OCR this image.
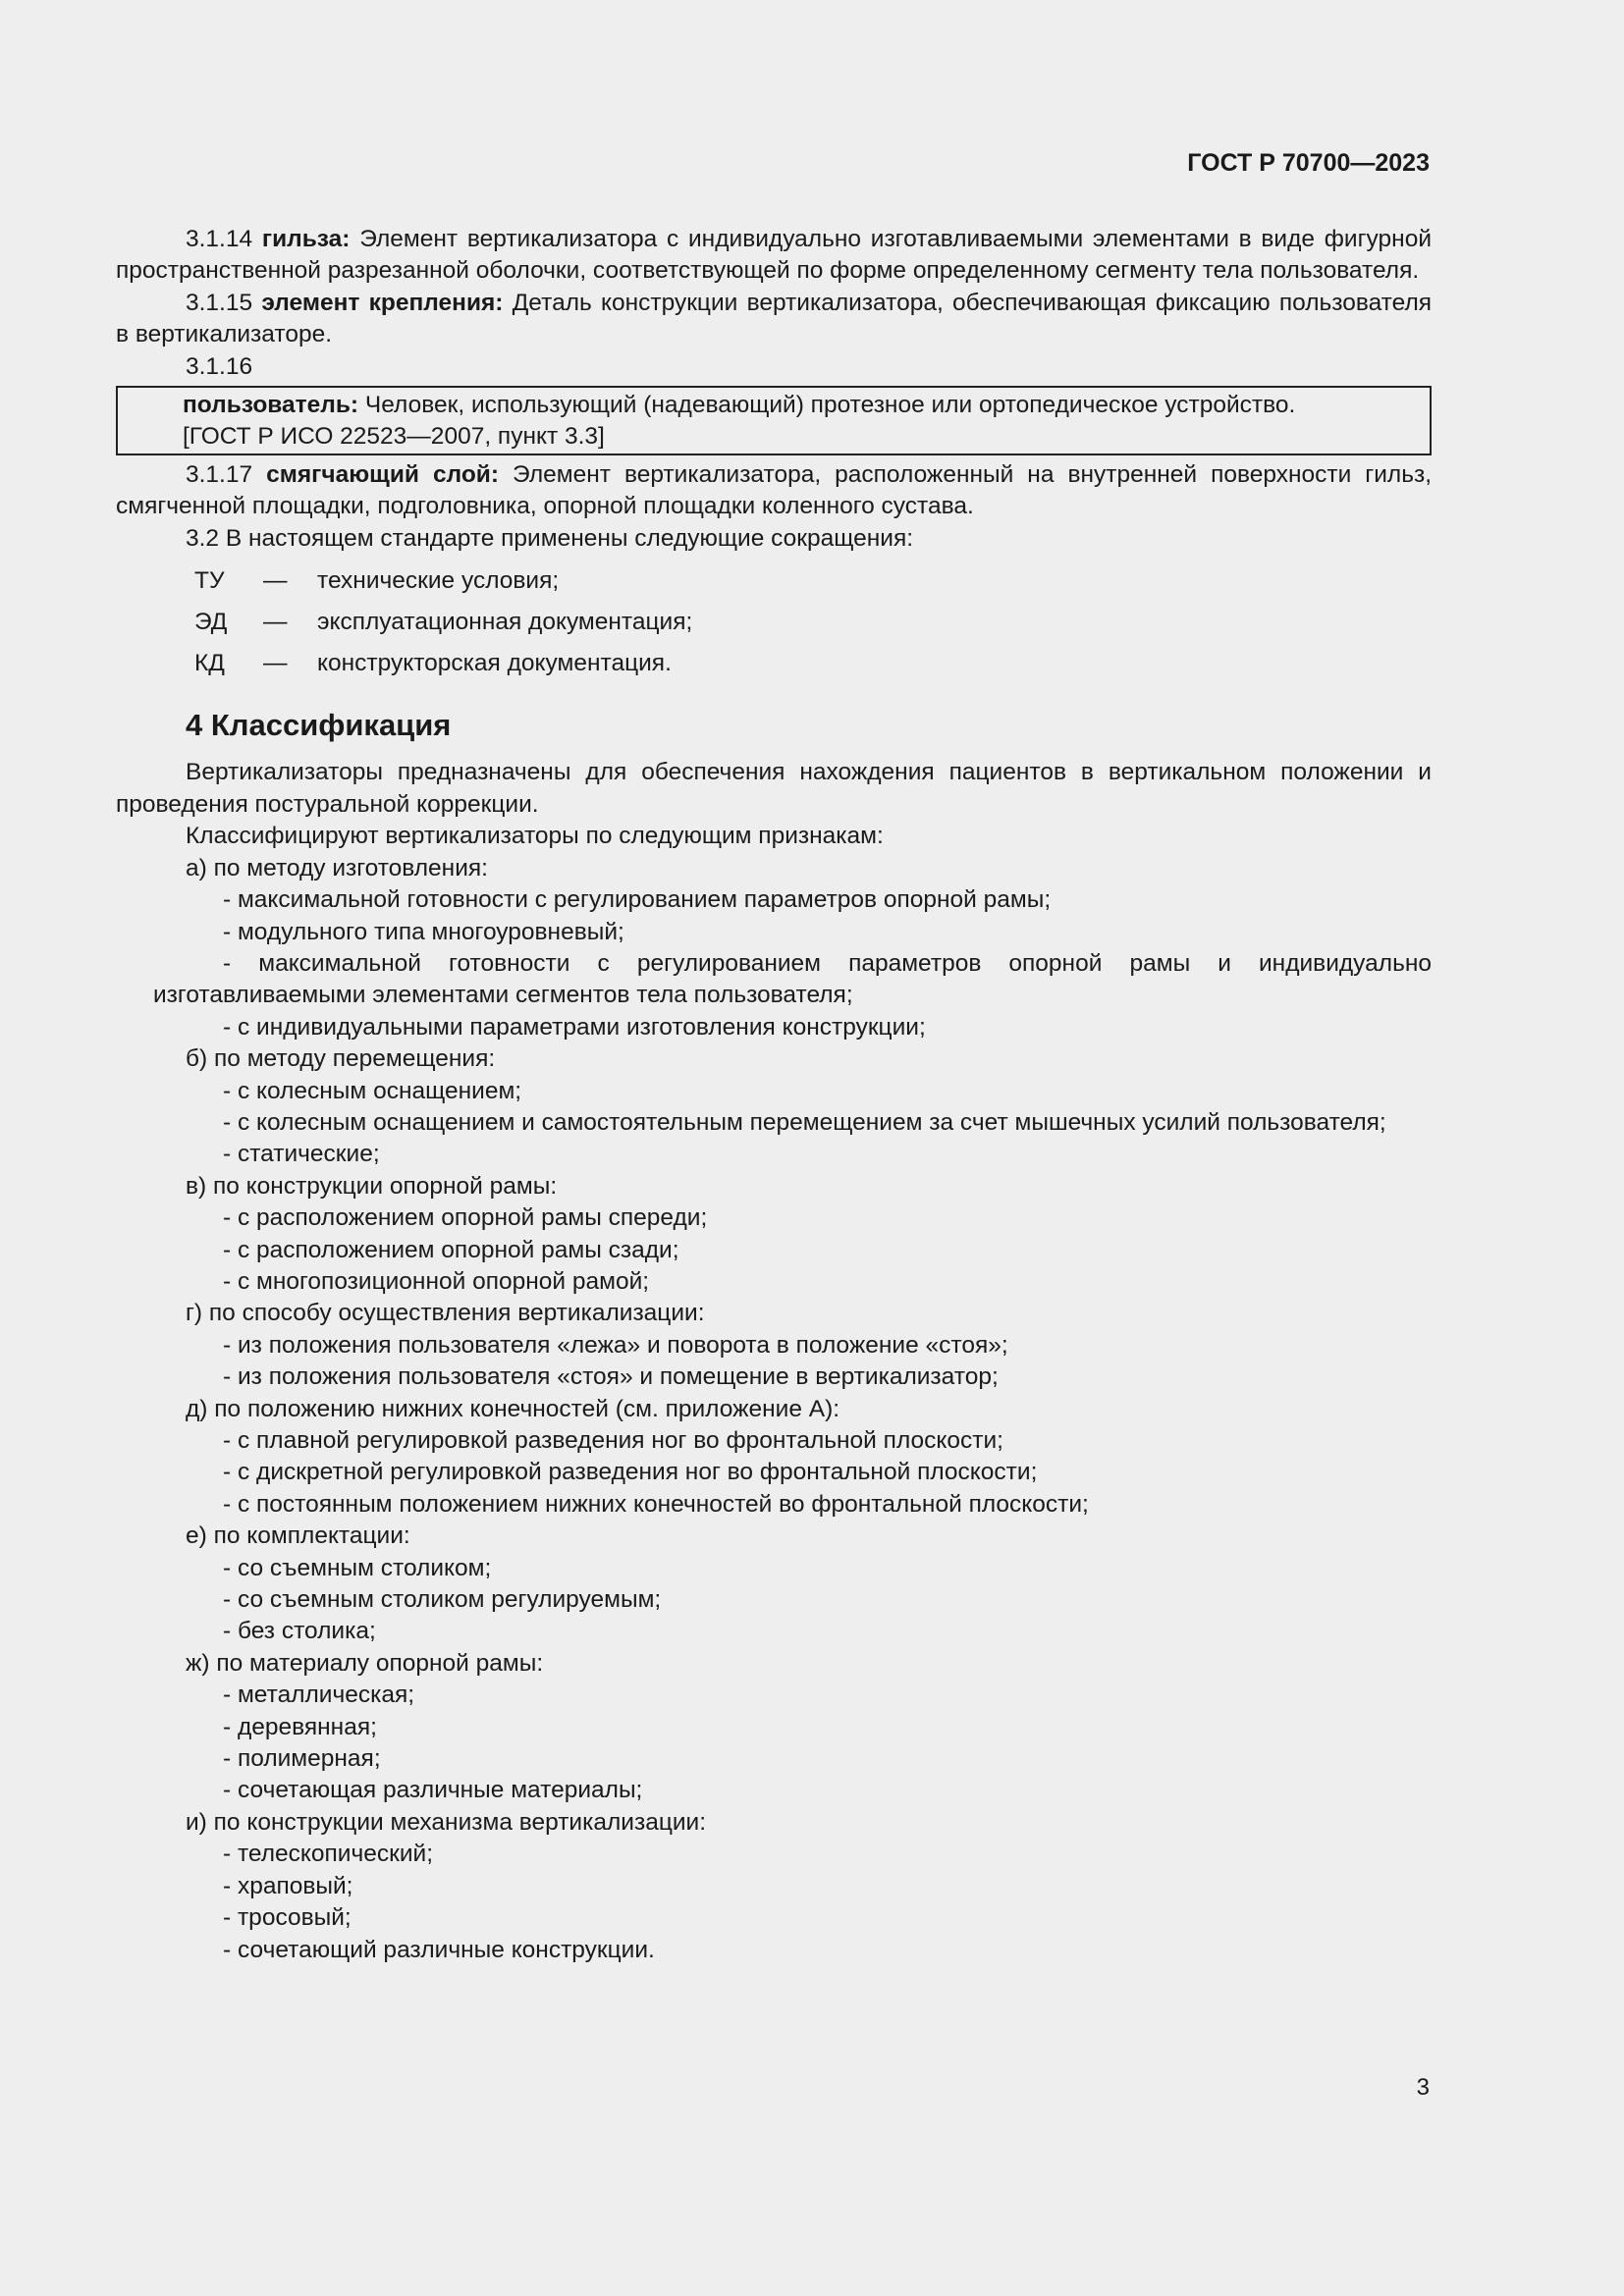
ГОСТ Р 70700—2023

3.1.14 гильза: Элемент вертикализатора с индивидуально изготавливаемыми элементами в виде фигурной пространственной разрезанной оболочки, соответствующей по форме определенному сегменту тела пользователя.

3.1.15 элемент крепления: Деталь конструкции вертикализатора, обеспечивающая фиксацию пользователя в вертикализаторе.

3.1.16

пользователь: Человек, использующий (надевающий) протезное или ортопедическое устройство.
[ГОСТ Р ИСО 22523—2007, пункт 3.3]

3.1.17 смягчающий слой: Элемент вертикализатора, расположенный на внутренней поверхности гильз, смягченной площадки, подголовника, опорной площадки коленного сустава.

3.2 В настоящем стандарте применены следующие сокращения:

ТУ	—	технические условия;
ЭД	—	эксплуатационная документация;
КД	—	конструкторская документация.
4 Классификация

Вертикализаторы предназначены для обеспечения нахождения пациентов в вертикальном положении и проведения постуральной коррекции.

Классифицируют вертикализаторы по следующим признакам:

а) по методу изготовления:

- максимальной готовности с регулированием параметров опорной рамы;

- модульного типа многоуровневый;

- максимальной готовности с регулированием параметров опорной рамы и индивидуально изготавливаемыми элементами сегментов тела пользователя;

- с индивидуальными параметрами изготовления конструкции;

б) по методу перемещения:

- с колесным оснащением;

- с колесным оснащением и самостоятельным перемещением за счет мышечных усилий пользователя;

- статические;

в) по конструкции опорной рамы:

- с расположением опорной рамы спереди;

- с расположением опорной рамы сзади;

- с многопозиционной опорной рамой;

г) по способу осуществления вертикализации:

- из положения пользователя «лежа» и поворота в положение «стоя»;

- из положения пользователя «стоя» и помещение в вертикализатор;

д) по положению нижних конечностей (см. приложение А):

- с плавной регулировкой разведения ног во фронтальной плоскости;

- с дискретной регулировкой разведения ног во фронтальной плоскости;

- с постоянным положением нижних конечностей во фронтальной плоскости;

е) по комплектации:

- со съемным столиком;

- со съемным столиком регулируемым;

- без столика;

ж) по материалу опорной рамы:

- металлическая;

- деревянная;

- полимерная;

- сочетающая различные материалы;

и) по конструкции механизма вертикализации:

- телескопический;

- храповый;

- тросовый;

- сочетающий различные конструкции.

3
